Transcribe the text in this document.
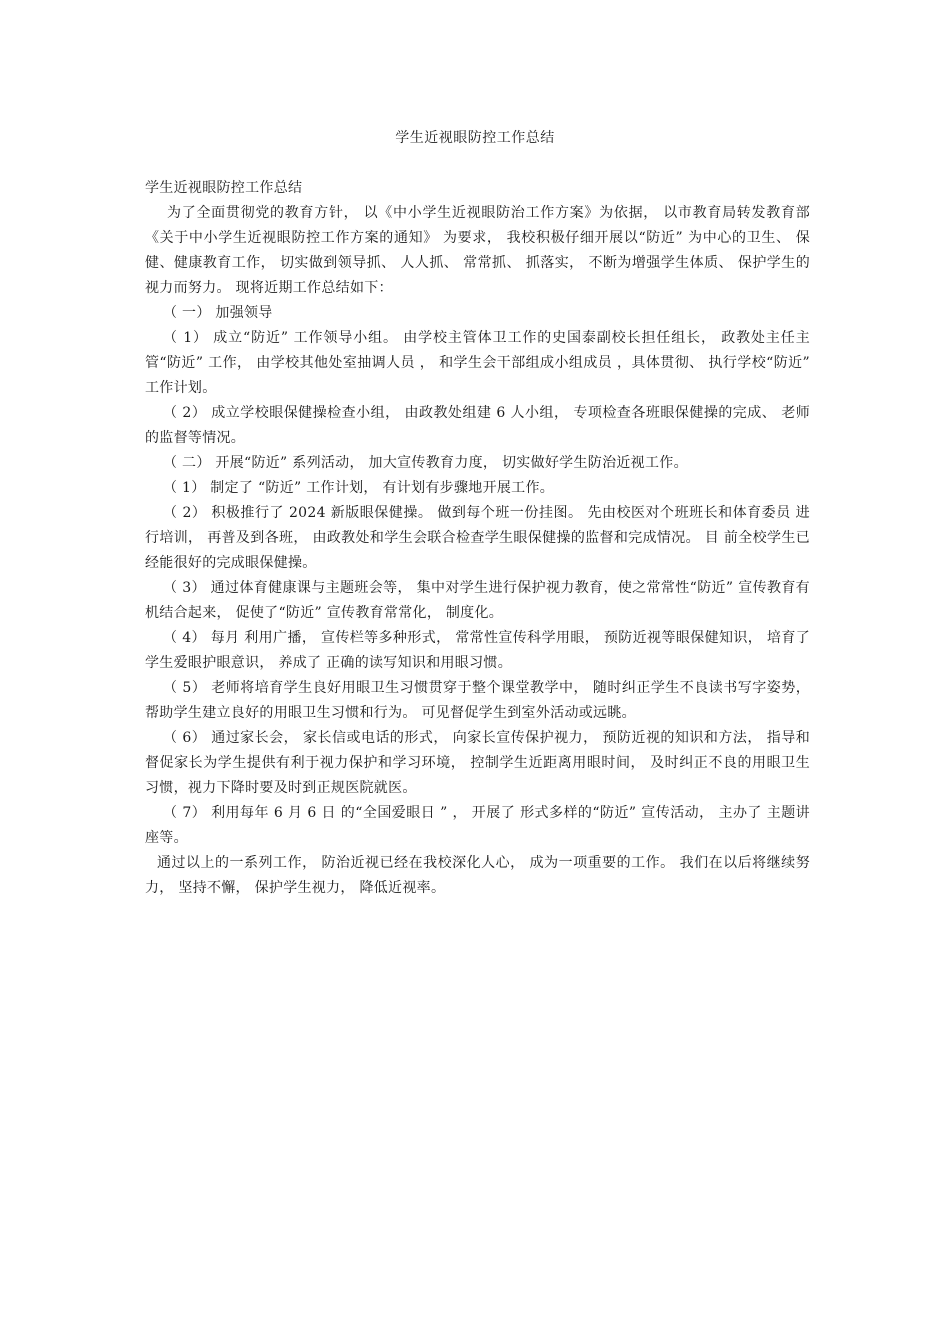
学生近视眼防控工作总结

学生近视眼防控工作总结

为了全面贯彻党的教育方针， 以《中小学生近视眼防治工作方案》为依据， 以市教育局转发教育部《关于中小学生近视眼防控工作方案的通知》 为要求， 我校积极仔细开展以“防近” 为中心的卫生、 保健、健康教育工作， 切实做到领导抓、 人人抓、 常常抓、 抓落实， 不断为增强学生体质、 保护学生的视力而努力。 现将近期工作总结如下：

（ 一） 加强领导

（ 1） 成立“防近” 工作领导小组。 由学校主管体卫工作的史国泰副校长担任组长， 政教处主任主管“防近” 工作， 由学校其他处室抽调人员 ， 和学生会干部组成小组成员 ，具体贯彻、 执行学校“防近” 工作计划。

（ 2） 成立学校眼保健操检查小组， 由政教处组建 6 人小组， 专项检查各班眼保健操的完成、 老师的监督等情况。

（ 二） 开展“防近” 系列活动， 加大宣传教育力度， 切实做好学生防治近视工作。

（ 1） 制定了 “防近” 工作计划， 有计划有步骤地开展工作。

（ 2） 积极推行了 2024 新版眼保健操。 做到每个班一份挂图。 先由校医对个班班长和体育委员 进行培训， 再普及到各班， 由政教处和学生会联合检查学生眼保健操的监督和完成情况。 目 前全校学生已经能很好的完成眼保健操。

（ 3） 通过体育健康课与主题班会等， 集中对学生进行保护视力教育，使之常常性“防近” 宣传教育有机结合起来， 促使了“防近” 宣传教育常常化， 制度化。

（ 4） 每月 利用广播， 宣传栏等多种形式， 常常性宣传科学用眼， 预防近视等眼保健知识， 培育了 学生爱眼护眼意识， 养成了 正确的读写知识和用眼习惯。

（ 5） 老师将培育学生良好用眼卫生习惯贯穿于整个课堂教学中， 随时纠正学生不良读书写字姿势， 帮助学生建立良好的用眼卫生习惯和行为。 可见督促学生到室外活动或远眺。

（ 6） 通过家长会， 家长信或电话的形式， 向家长宣传保护视力， 预防近视的知识和方法， 指导和督促家长为学生提供有利于视力保护和学习环境， 控制学生近距离用眼时间， 及时纠正不良的用眼卫生习惯，视力下降时要及时到正规医院就医。

（ 7） 利用每年 6 月 6 日 的“全国爱眼日 ” ， 开展了 形式多样的“防近” 宣传活动， 主办了 主题讲座等。

通过以上的一系列工作， 防治近视已经在我校深化人心， 成为一项重要的工作。 我们在以后将继续努力， 坚持不懈， 保护学生视力， 降低近视率。
